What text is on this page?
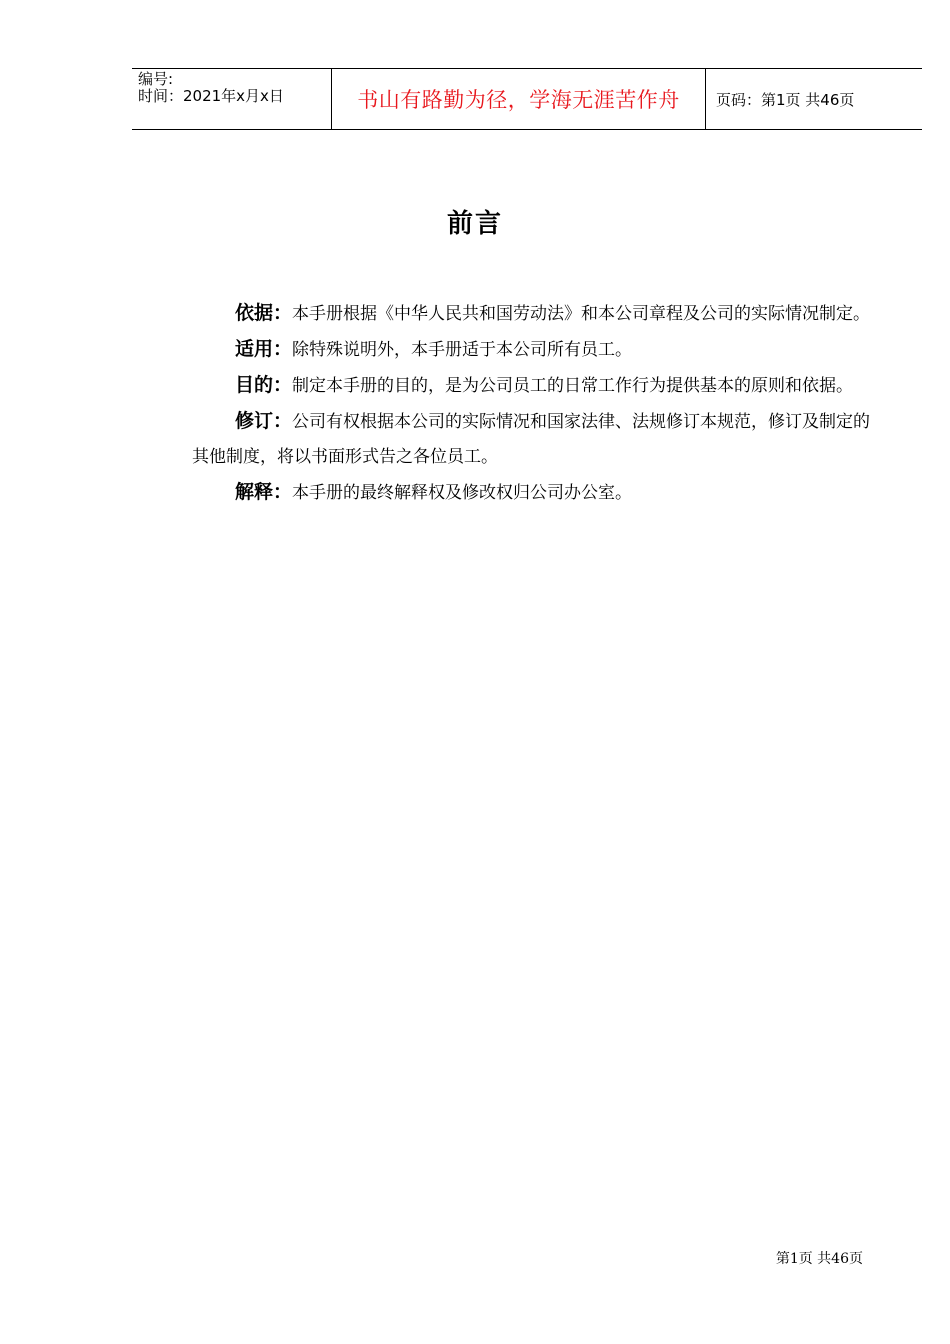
编号:
时间：2021年x月x日	书山有路勤为径，学海无涯苦作舟	页码：第1页 共46页
前言

依据：本手册根据《中华人民共和国劳动法》和本公司章程及公司的实际情况制定。

适用：除特殊说明外，本手册适于本公司所有员工。

目的：制定本手册的目的，是为公司员工的日常工作行为提供基本的原则和依据。

修订：公司有权根据本公司的实际情况和国家法律、法规修订本规范，修订及制定的其他制度，将以书面形式告之各位员工。

解释：本手册的最终解释权及修改权归公司办公室。

第1页 共46页
